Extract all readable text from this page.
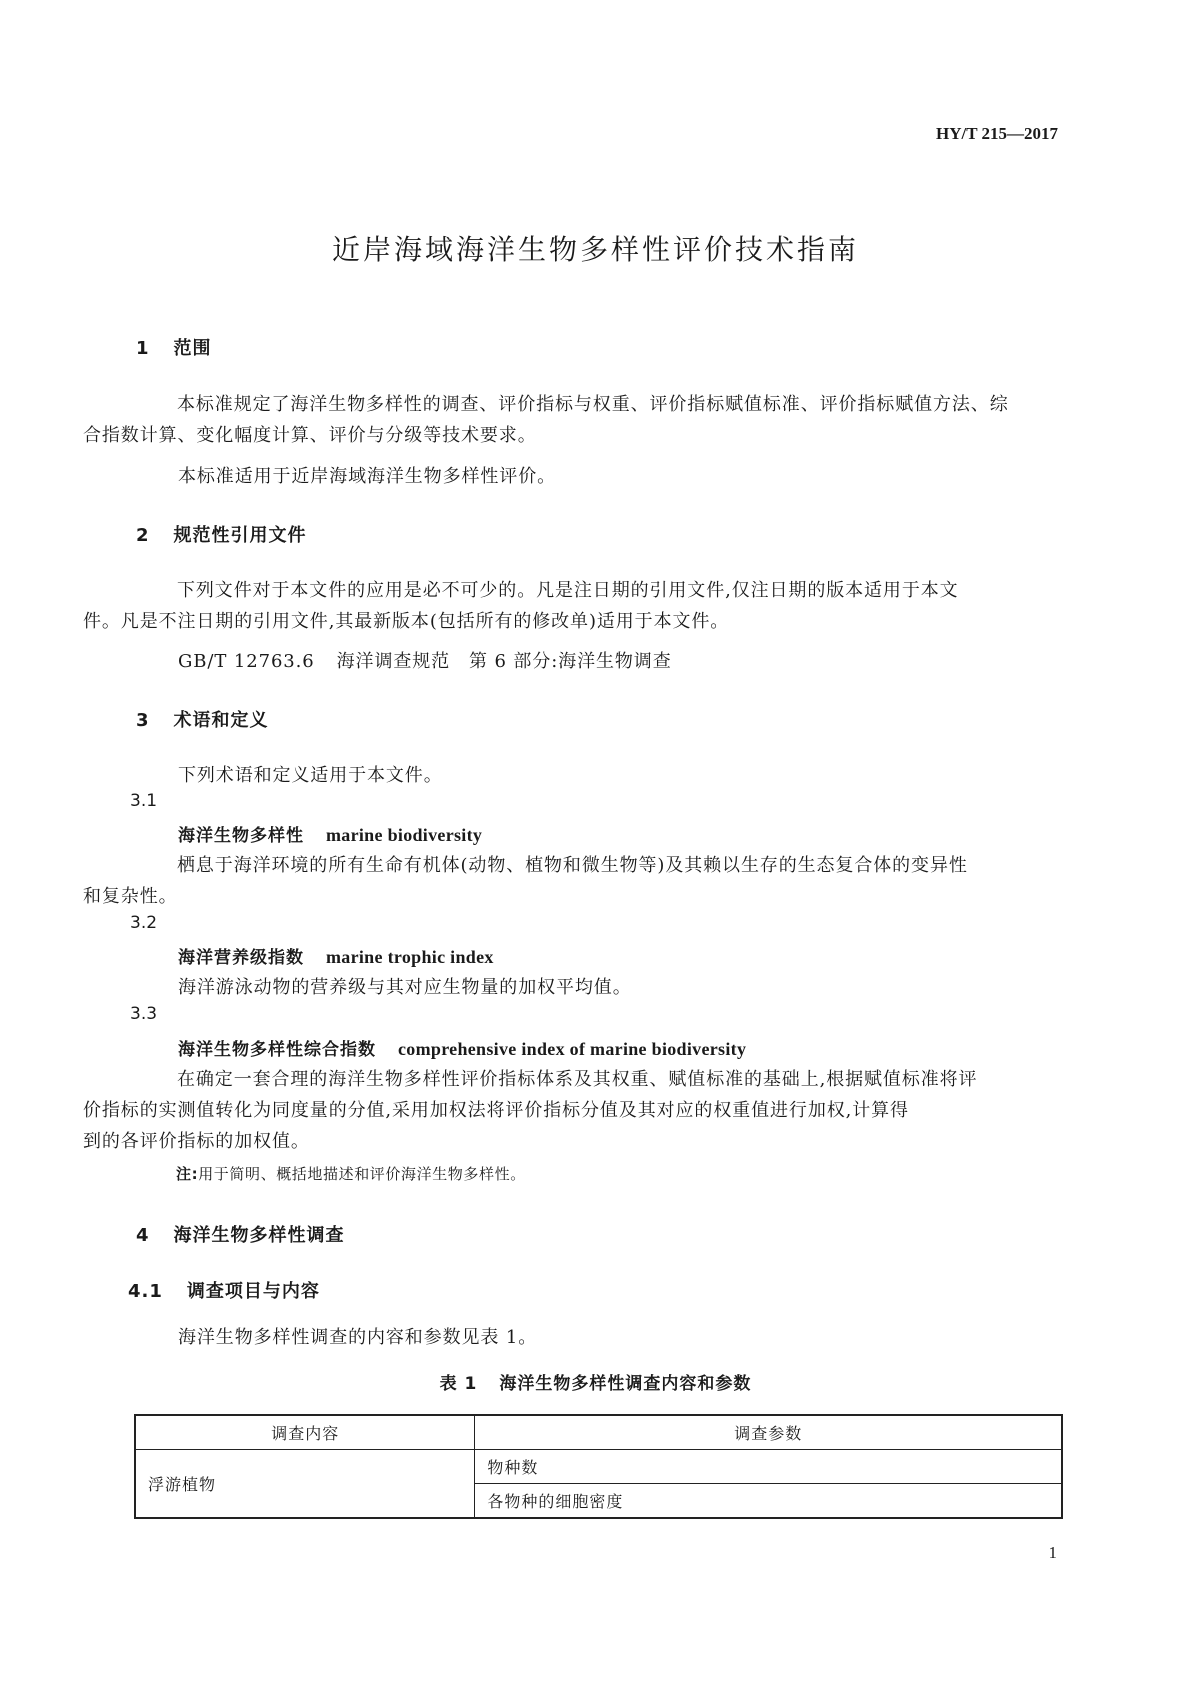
HY/T 215—2017
近岸海域海洋生物多样性评价技术指南
1 范围
本标准规定了海洋生物多样性的调查、评价指标与权重、评价指标赋值标准、评价指标赋值方法、综
合指数计算、变化幅度计算、评价与分级等技术要求。
本标准适用于近岸海域海洋生物多样性评价。
2 规范性引用文件
下列文件对于本文件的应用是必不可少的。凡是注日期的引用文件,仅注日期的版本适用于本文
件。凡是不注日期的引用文件,其最新版本(包括所有的修改单)适用于本文件。
GB/T 12763.6 海洋调查规范　第 6 部分:海洋生物调查
3 术语和定义
下列术语和定义适用于本文件。
3.1
海洋生物多样性 marine biodiversity
栖息于海洋环境的所有生命有机体(动物、植物和微生物等)及其赖以生存的生态复合体的变异性
和复杂性。
3.2
海洋营养级指数 marine trophic index
海洋游泳动物的营养级与其对应生物量的加权平均值。
3.3
海洋生物多样性综合指数 comprehensive index of marine biodiversity
在确定一套合理的海洋生物多样性评价指标体系及其权重、赋值标准的基础上,根据赋值标准将评
价指标的实测值转化为同度量的分值,采用加权法将评价指标分值及其对应的权重值进行加权,计算得
到的各评价指标的加权值。
注:用于简明、概括地描述和评价海洋生物多样性。
4 海洋生物多样性调查
4.1 调查项目与内容
海洋生物多样性调查的内容和参数见表 1。
表 1 海洋生物多样性调查内容和参数
调查内容	调查参数
浮游植物	物种数
	各物种的细胞密度
1
